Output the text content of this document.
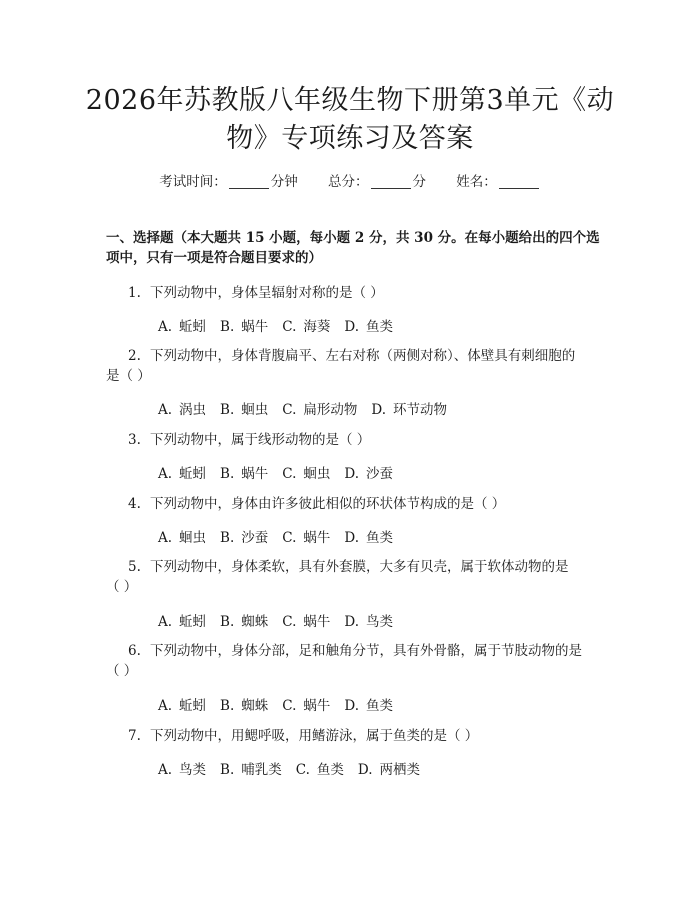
2026年苏教版八年级生物下册第3单元《动
物》专项练习及答案
考试时间：	分钟 总分：	分 姓名：
一、选择题（本大题共 15 小题，每小题 2 分，共 30 分。在每小题给出的四个选
项中，只有一项是符合题目要求的）
1. 下列动物中，身体呈辐射对称的是（ ）
A. 蚯蚓 B. 蜗牛 C. 海葵 D. 鱼类
2. 下列动物中，身体背腹扁平、左右对称（两侧对称）、体壁具有刺细胞的
是（ ）
A. 涡虫 B. 蛔虫 C. 扁形动物 D. 环节动物
3. 下列动物中，属于线形动物的是（ ）
A. 蚯蚓 B. 蜗牛 C. 蛔虫 D. 沙蚕
4. 下列动物中，身体由许多彼此相似的环状体节构成的是（ ）
A. 蛔虫 B. 沙蚕 C. 蜗牛 D. 鱼类
5. 下列动物中，身体柔软，具有外套膜，大多有贝壳，属于软体动物的是
（ ）
A. 蚯蚓 B. 蜘蛛 C. 蜗牛 D. 鸟类
6. 下列动物中，身体分部，足和触角分节，具有外骨骼，属于节肢动物的是
（ ）
A. 蚯蚓 B. 蜘蛛 C. 蜗牛 D. 鱼类
7. 下列动物中，用鳃呼吸，用鳍游泳，属于鱼类的是（ ）
A. 鸟类 B. 哺乳类 C. 鱼类 D. 两栖类
